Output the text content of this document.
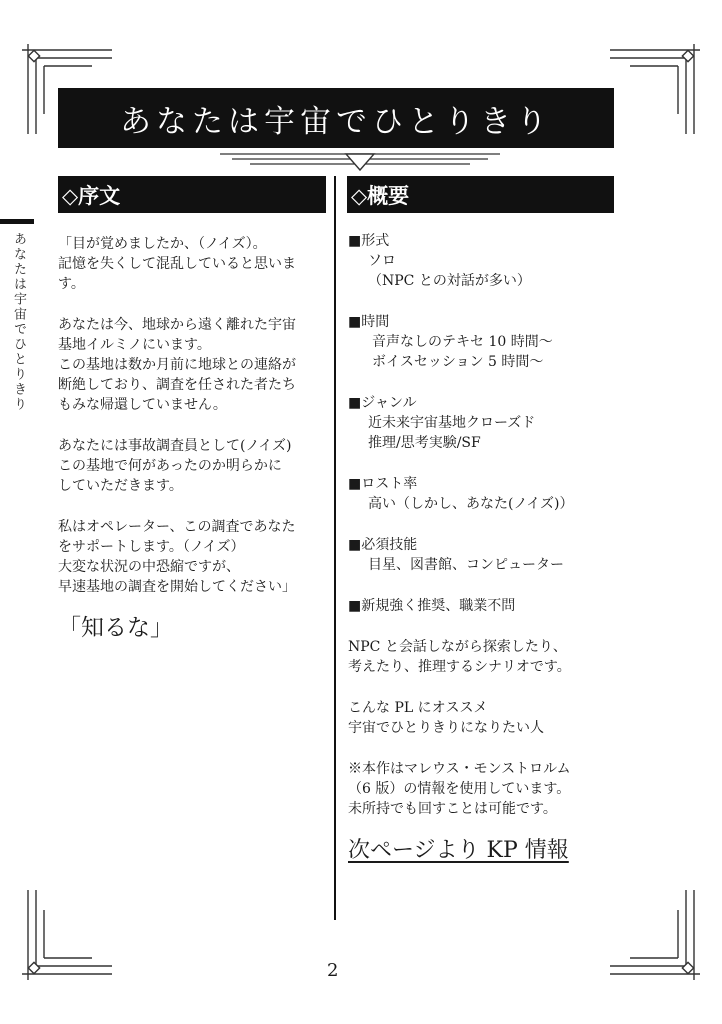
あなたは宇宙でひとりきり
あなたは宇宙でひとりきり
◇序文
「目が覚めましたか、（ノイズ）。
記憶を失くして混乱していると思いま
す。
あなたは今、地球から遠く離れた宇宙
基地イルミノにいます。
この基地は数か月前に地球との連絡が
断絶しており、調査を任された者たち
もみな帰還していません。
あなたには事故調査員として(ノイズ)
この基地で何があったのか明らかに
していただきます。
私はオペレーター、この調査であなた
をサポートします。（ノイズ）
大変な状況の中恐縮ですが、
早速基地の調査を開始してください」
「知るな」
◇概要
■形式
ソロ
（NPC との対話が多い）
■時間
音声なしのテキセ 10 時間～
ボイスセッション 5 時間～
■ジャンル
近未来宇宙基地クローズド
推理/思考実験/SF
■ロスト率
高い（しかし、あなた(ノイズ)）
■必須技能
目星、図書館、コンピューター
■新規強く推奨、職業不問
NPC と会話しながら探索したり、
考えたり、推理するシナリオです。
こんな PL にオススメ
宇宙でひとりきりになりたい人
※本作はマレウス・モンストロルム
（6 版）の情報を使用しています。
未所持でも回すことは可能です。
次ページより KP 情報
2
